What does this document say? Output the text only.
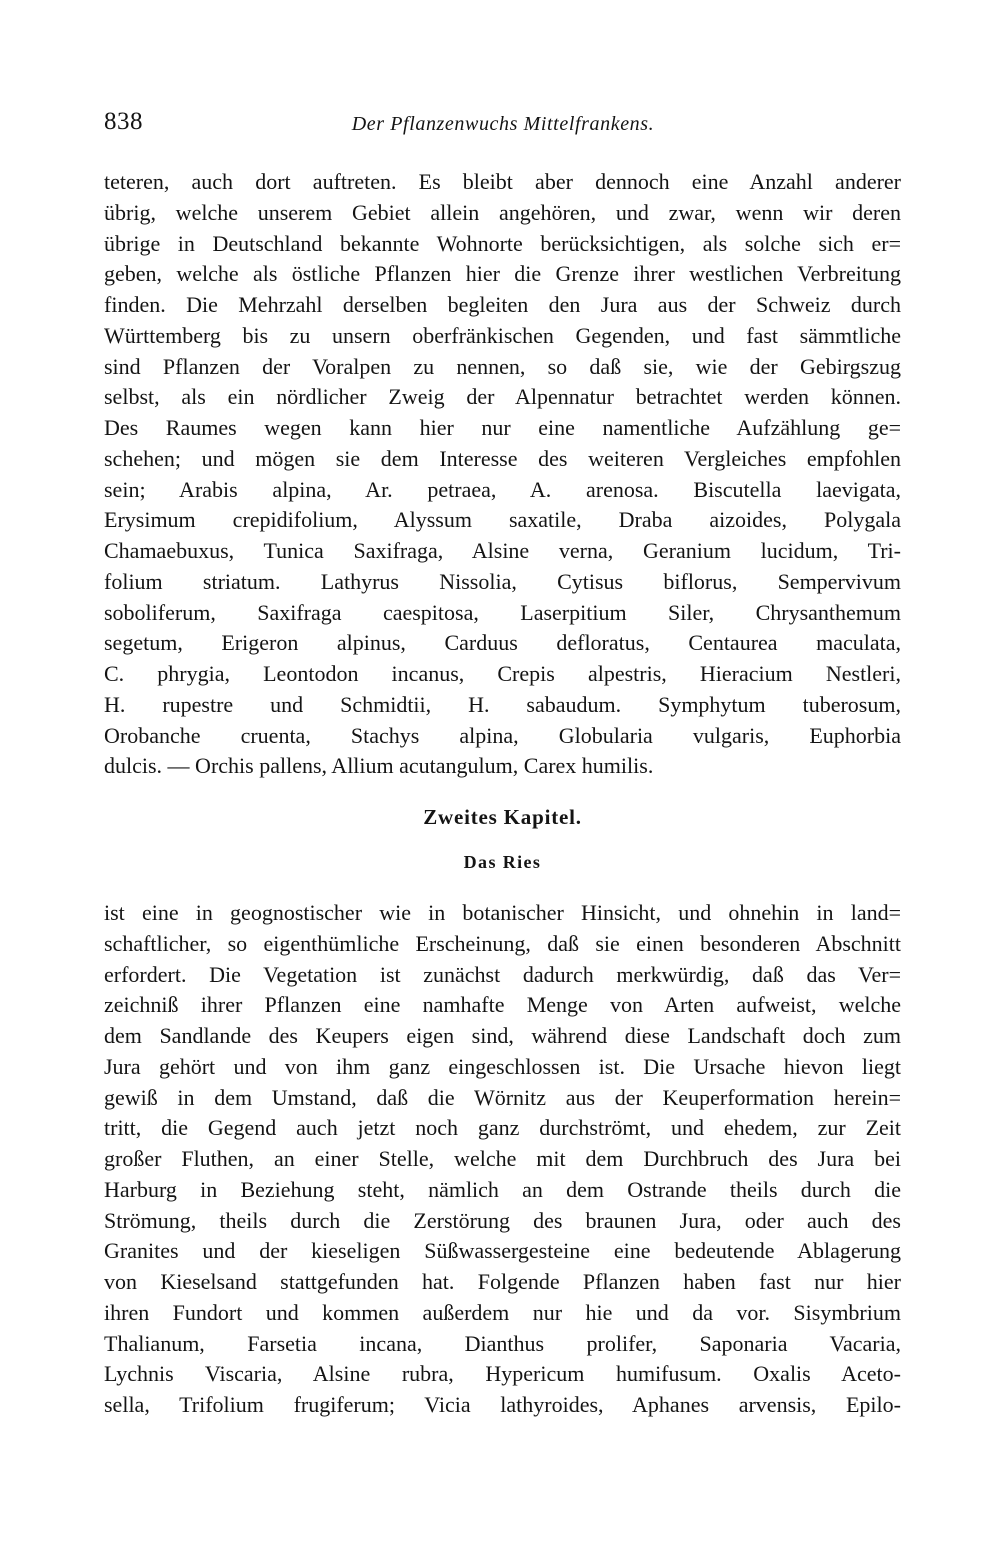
838	Der Pflanzenwuchs Mittelfrankens.
teteren, auch dort auftreten. Es bleibt aber dennoch eine Anzahl anderer
übrig, welche unserem Gebiet allein angehören, und zwar, wenn wir deren
übrige in Deutschland bekannte Wohnorte berücksichtigen, als solche sich er=
geben, welche als östliche Pflanzen hier die Grenze ihrer westlichen Verbreitung
finden. Die Mehrzahl derselben begleiten den Jura aus der Schweiz durch
Württemberg bis zu unsern oberfränkischen Gegenden, und fast sämmtliche
sind Pflanzen der Voralpen zu nennen, so daß sie, wie der Gebirgszug
selbst, als ein nördlicher Zweig der Alpennatur betrachtet werden können.
Des Raumes wegen kann hier nur eine namentliche Aufzählung ge=
schehen; und mögen sie dem Interesse des weiteren Vergleiches empfohlen
sein; Arabis alpina, Ar. petraea, A. arenosa. Biscutella laevigata,
Erysimum crepidifolium, Alyssum saxatile, Draba aizoides, Polygala
Chamaebuxus, Tunica Saxifraga, Alsine verna, Geranium lucidum, Tri-
folium striatum. Lathyrus Nissolia, Cytisus biflorus, Sempervivum
soboliferum, Saxifraga caespitosa, Laserpitium Siler, Chrysanthemum
segetum, Erigeron alpinus, Carduus defloratus, Centaurea maculata,
C. phrygia, Leontodon incanus, Crepis alpestris, Hieracium Nestleri,
H. rupestre und Schmidtii, H. sabaudum. Symphytum tuberosum,
Orobanche cruenta, Stachys alpina, Globularia vulgaris, Euphorbia
dulcis. — Orchis pallens, Allium acutangulum, Carex humilis.
Zweites Kapitel.
Das Ries
ist eine in geognostischer wie in botanischer Hinsicht, und ohnehin in land=
schaftlicher, so eigenthümliche Erscheinung, daß sie einen besonderen Abschnitt
erfordert. Die Vegetation ist zunächst dadurch merkwürdig, daß das Ver=
zeichniß ihrer Pflanzen eine namhafte Menge von Arten aufweist, welche
dem Sandlande des Keupers eigen sind, während diese Landschaft doch zum
Jura gehört und von ihm ganz eingeschlossen ist. Die Ursache hievon liegt
gewiß in dem Umstand, daß die Wörnitz aus der Keuperformation herein=
tritt, die Gegend auch jetzt noch ganz durchströmt, und ehedem, zur Zeit
großer Fluthen, an einer Stelle, welche mit dem Durchbruch des Jura bei
Harburg in Beziehung steht, nämlich an dem Ostrande theils durch die
Strömung, theils durch die Zerstörung des braunen Jura, oder auch des
Granites und der kieseligen Süßwassergesteine eine bedeutende Ablagerung
von Kieselsand stattgefunden hat. Folgende Pflanzen haben fast nur hier
ihren Fundort und kommen außerdem nur hie und da vor. Sisymbrium
Thalianum, Farsetia incana, Dianthus prolifer, Saponaria Vacaria,
Lychnis Viscaria, Alsine rubra, Hypericum humifusum. Oxalis Aceto-
sella, Trifolium frugiferum; Vicia lathyroides, Aphanes arvensis, Epilo-
